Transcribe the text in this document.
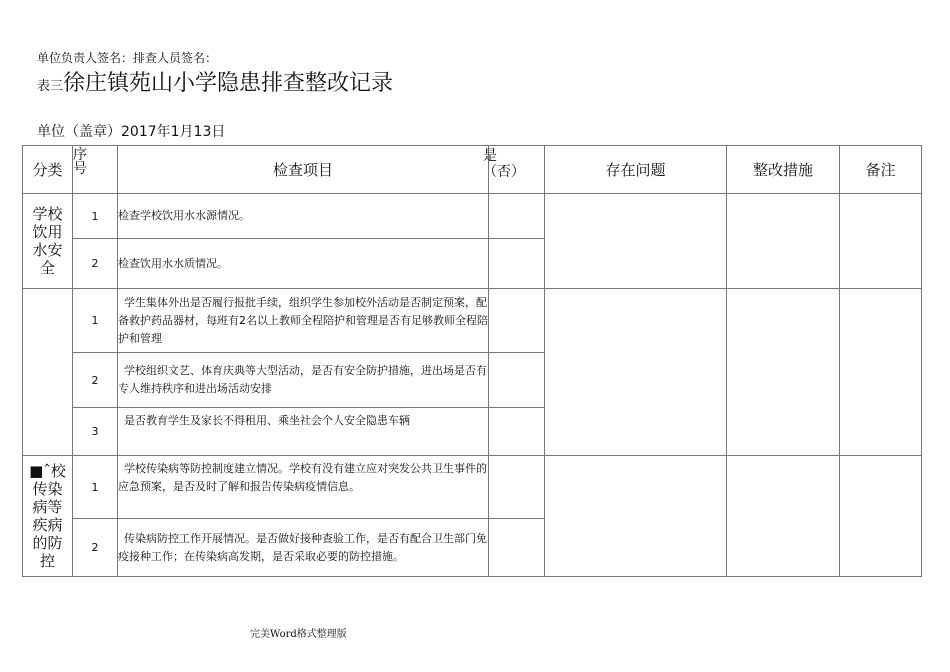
单位负责人签名：排查人员签名：
表三徐庄镇苑山小学隐患排查整改记录
单位（盖章）2017年1月13日
分类	序号	检查项目	是（否）	存在问题	整改措施	备注
学校饮用水安全	1	检查学校饮用水水源情况。				
	2	检查饮用水水质情况。				
	1	学生集体外出是否履行报批手续，组织学生参加校外活动是否制定预案，配备救护药品器材，每班有2名以上教师全程陪护和管理是否有足够教师全程陪护和管理				
	2	学校组织文艺、体育庆典等大型活动，是否有安全防护措施，进出场是否有专人维持秩序和进出场活动安排				
	3	是否教育学生及家长不得租用、乘坐社会个人安全隐患车辆				
■ˆ校传染病等疾病的防控	1	学校传染病等防控制度建立情况。学校有没有建立应对突发公共卫生事件的应急预案，是否及时了解和报告传染病疫情信息。				
	2	传染病防控工作开展情况。是否做好接种查验工作，是否有配合卫生部门免疫接种工作；在传染病高发期，是否采取必要的防控措施。				
完美Word格式整理版
